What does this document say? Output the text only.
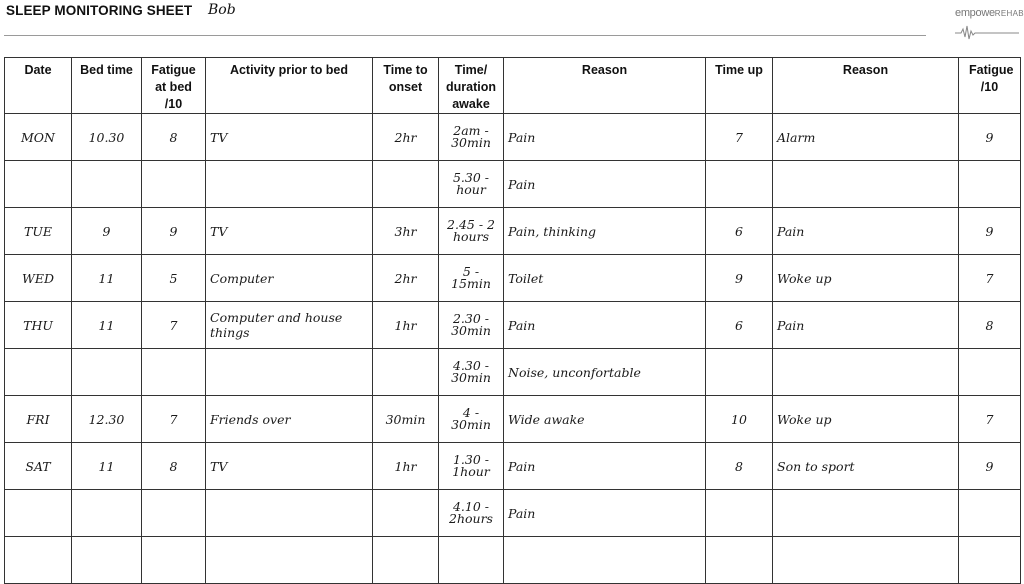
SLEEP MONITORING SHEET Bob	empoweREHAB
Date	Bed time	Fatigue at bed /10	Activity prior to bed	Time to onset	Time/ duration awake	Reason	Time up	Reason	Fatigue /10
MON	10.30	8	TV	2hr	2am - 30min	Pain	7	Alarm	9
					5.30 - hour	Pain			
TUE	9	9	TV	3hr	2.45 - 2 hours	Pain, thinking	6	Pain	9
WED	11	5	Computer	2hr	5 - 15min	Toilet	9	Woke up	7
THU	11	7	Computer and house things	1hr	2.30 - 30min	Pain	6	Pain	8
					4.30 - 30min	Noise, unconfortable			
FRI	12.30	7	Friends over	30min	4 - 30min	Wide awake	10	Woke up	7
SAT	11	8	TV	1hr	1.30 - 1hour	Pain	8	Son to sport	9
					4.10 - 2hours	Pain			
